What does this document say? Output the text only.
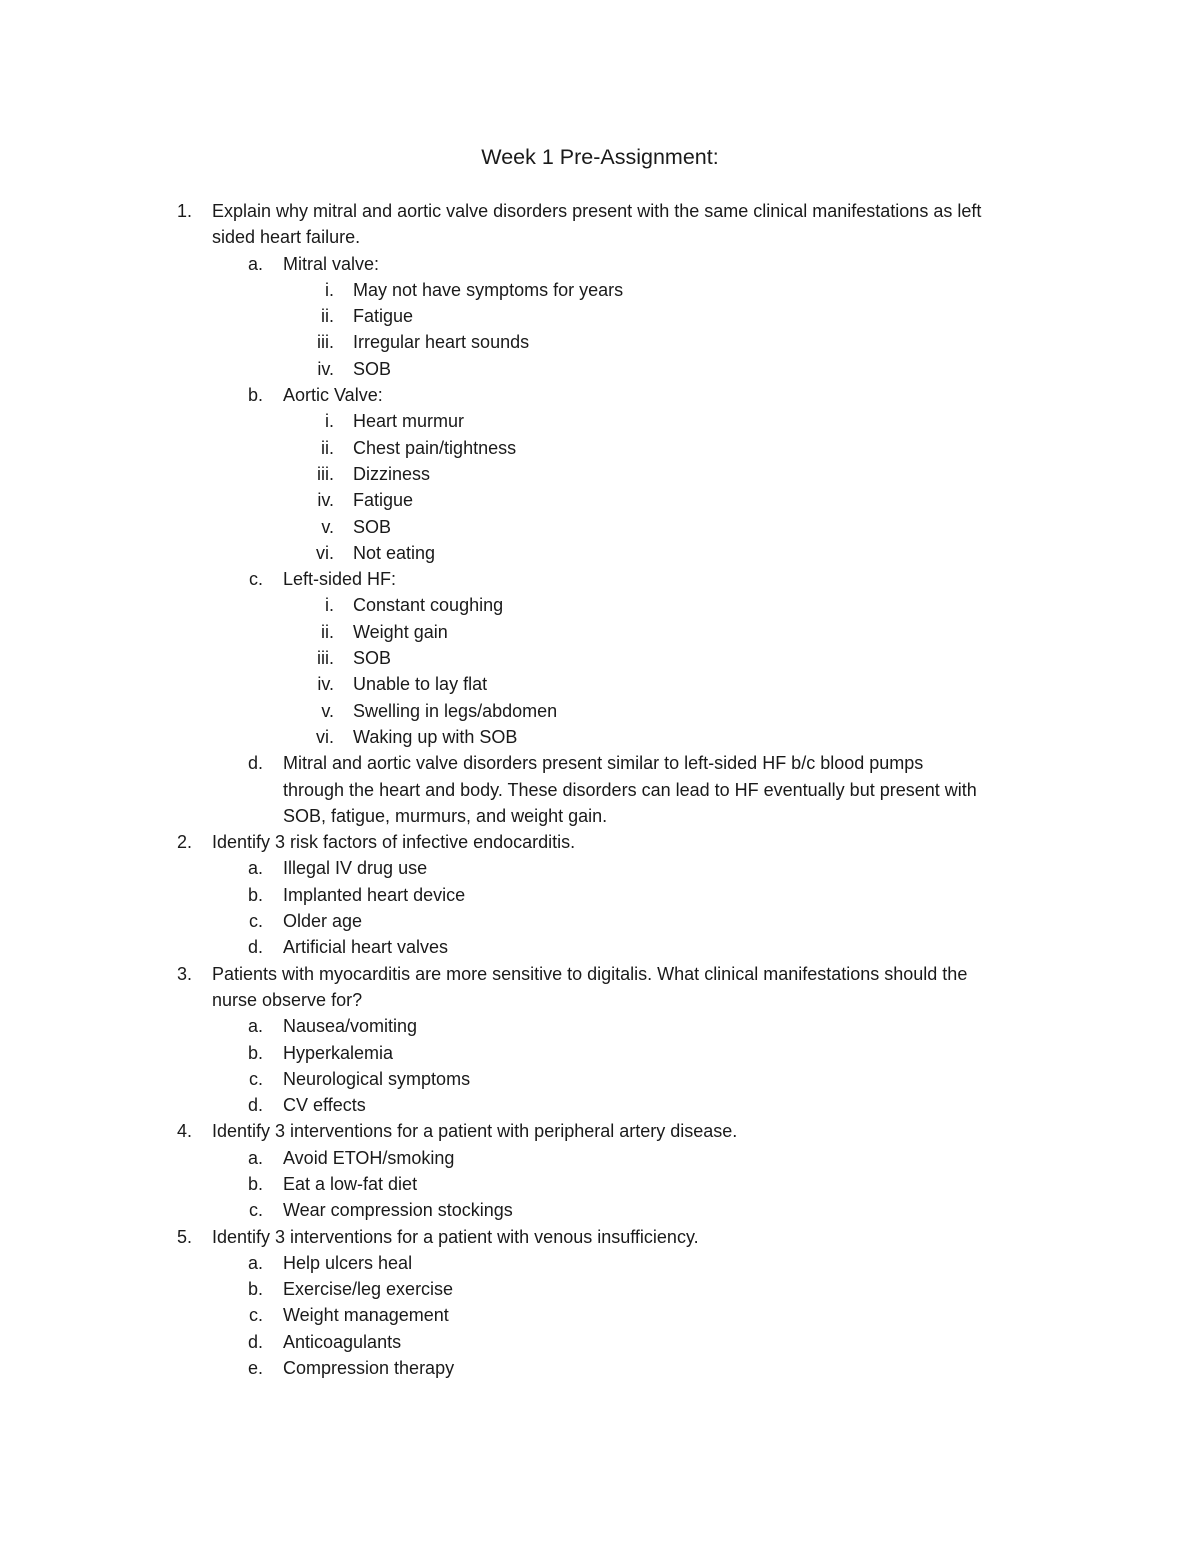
Week 1 Pre-Assignment:
1. Explain why mitral and aortic valve disorders present with the same clinical manifestations as left
sided heart failure.
a. Mitral valve:
i. May not have symptoms for years
ii. Fatigue
iii. Irregular heart sounds
iv. SOB
b. Aortic Valve:
i. Heart murmur
ii. Chest pain/tightness
iii. Dizziness
iv. Fatigue
v. SOB
vi. Not eating
c. Left-sided HF:
i. Constant coughing
ii. Weight gain
iii. SOB
iv. Unable to lay flat
v. Swelling in legs/abdomen
vi. Waking up with SOB
d. Mitral and aortic valve disorders present similar to left-sided HF b/c blood pumps
through the heart and body. These disorders can lead to HF eventually but present with
SOB, fatigue, murmurs, and weight gain.
2. Identify 3 risk factors of infective endocarditis.
a. Illegal IV drug use
b. Implanted heart device
c. Older age
d. Artificial heart valves
3. Patients with myocarditis are more sensitive to digitalis. What clinical manifestations should the
nurse observe for?
a. Nausea/vomiting
b. Hyperkalemia
c. Neurological symptoms
d. CV effects
4. Identify 3 interventions for a patient with peripheral artery disease.
a. Avoid ETOH/smoking
b. Eat a low-fat diet
c. Wear compression stockings
5. Identify 3 interventions for a patient with venous insufficiency.
a. Help ulcers heal
b. Exercise/leg exercise
c. Weight management
d. Anticoagulants
e. Compression therapy
